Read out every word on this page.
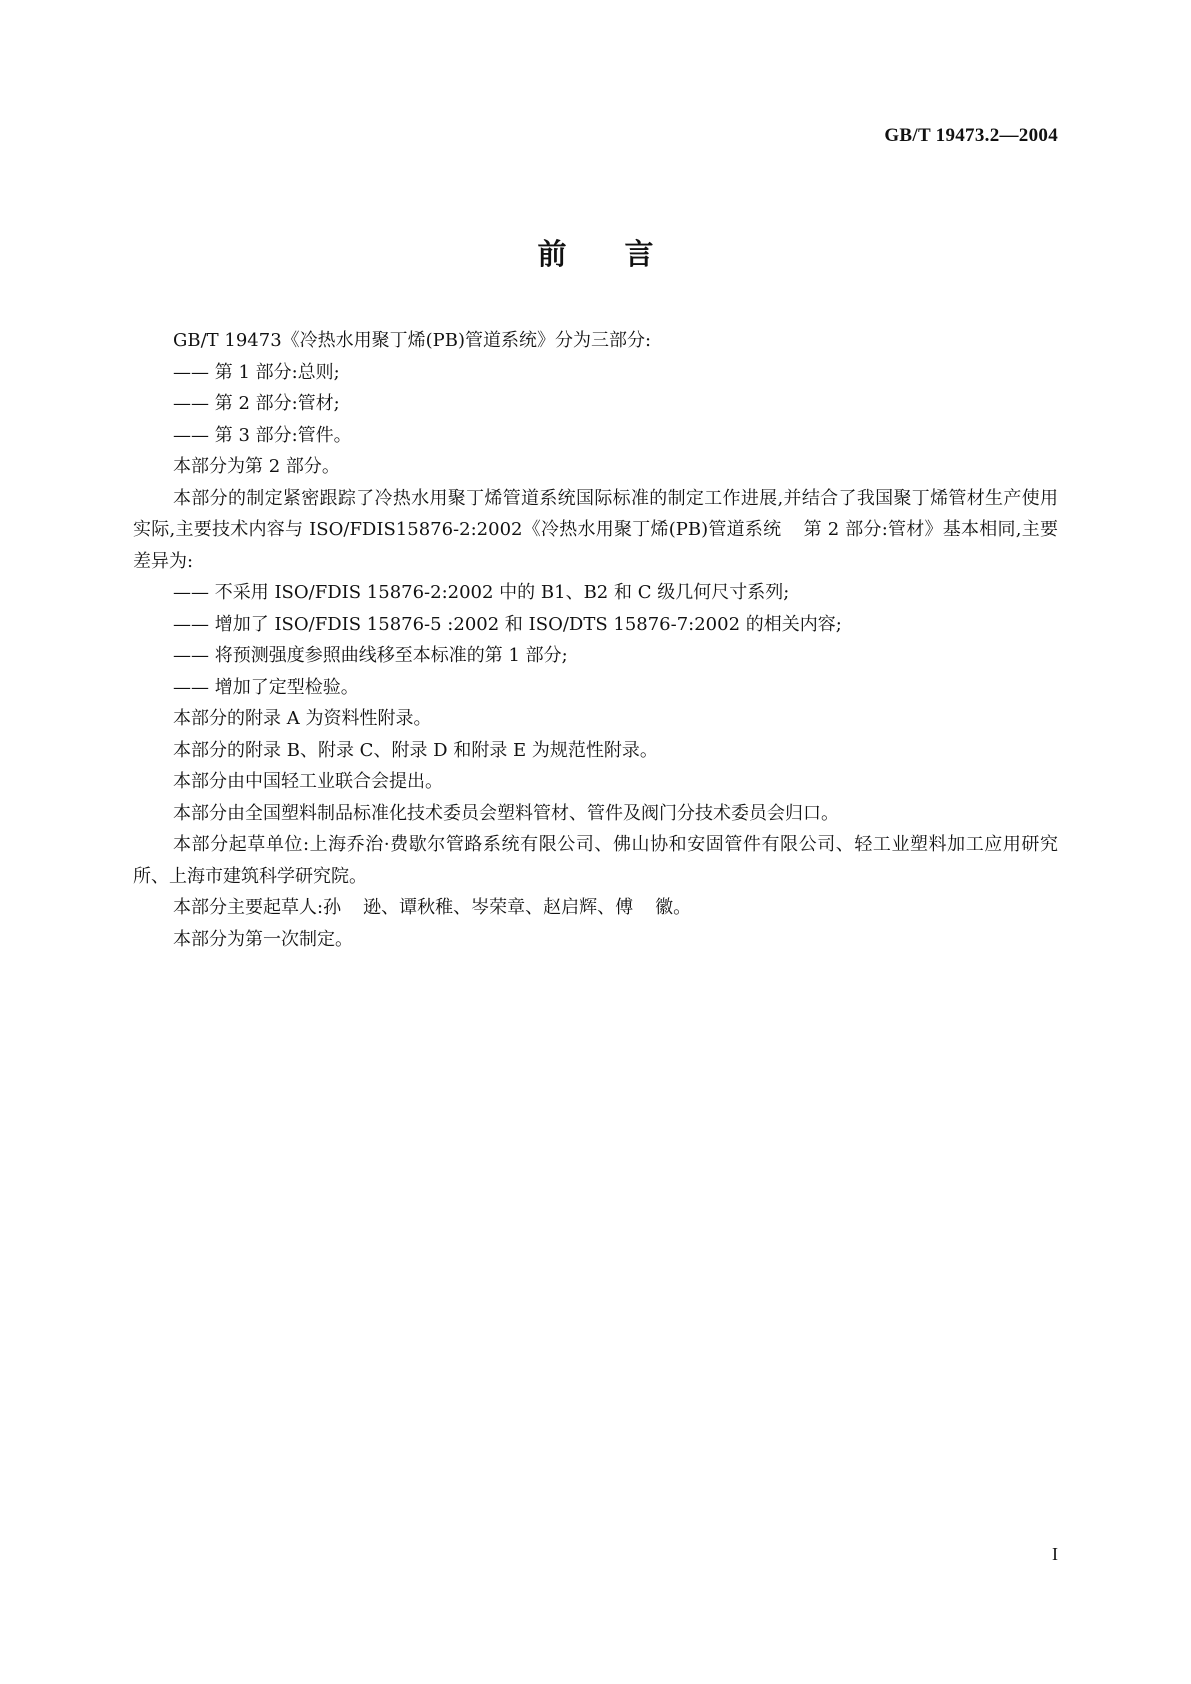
GB/T 19473.2—2004
前 言

GB/T 19473《冷热水用聚丁烯(PB)管道系统》分为三部分:

—— 第 1 部分:总则;

—— 第 2 部分:管材;

—— 第 3 部分:管件。

本部分为第 2 部分。

本部分的制定紧密跟踪了冷热水用聚丁烯管道系统国际标准的制定工作进展,并结合了我国聚丁烯管材生产使用实际,主要技术内容与 ISO/FDIS15876-2:2002《冷热水用聚丁烯(PB)管道系统 第 2 部分:管材》基本相同,主要差异为:

—— 不采用 ISO/FDIS 15876-2:2002 中的 B1、B2 和 C 级几何尺寸系列;

—— 增加了 ISO/FDIS 15876-5 :2002 和 ISO/DTS 15876-7:2002 的相关内容;

—— 将预测强度参照曲线移至本标准的第 1 部分;

—— 增加了定型检验。

本部分的附录 A 为资料性附录。

本部分的附录 B、附录 C、附录 D 和附录 E 为规范性附录。

本部分由中国轻工业联合会提出。

本部分由全国塑料制品标准化技术委员会塑料管材、管件及阀门分技术委员会归口。

本部分起草单位:上海乔治·费歇尔管路系统有限公司、佛山协和安固管件有限公司、轻工业塑料加工应用研究所、上海市建筑科学研究院。

本部分主要起草人:孙 逊、谭秋稚、岑荣章、赵启辉、傅 徽。

本部分为第一次制定。

I
